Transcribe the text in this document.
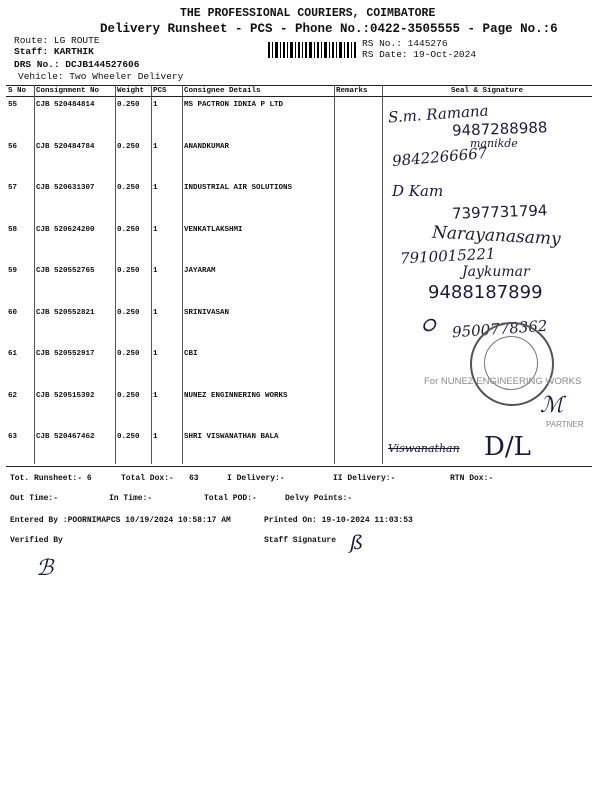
THE PROFESSIONAL COURIERS, COIMBATORE
Delivery Runsheet - PCS - Phone No.:0422-3505555 - Page No.:6
Route: LG ROUTE
Staff: KARTHIK
DRS No.: DCJB144527606
Vehicle: Two Wheeler Delivery
RS No.: 1445276
RS Date: 19-Oct-2024
S No	Consignment No	Weight	PCS	Consignee Details	Remarks	Seal & Signature
55	CJB 520484814	0.250	1	MS PACTRON IDNIA P LTD		
56	CJB 520484784	0.250	1	ANANDKUMAR		
57	CJB 520631307	0.250	1	INDUSTRIAL AIR SOLUTIONS		
58	CJB 520624200	0.250	1	VENKATLAKSHMI		
59	CJB 520552765	0.250	1	JAYARAM		
60	CJB 520552821	0.250	1	SRINIVASAN		
61	CJB 520552917	0.250	1	CBI		
62	CJB 520515392	0.250	1	NUNEZ ENGINNERING WORKS		
63	CJB 520467462	0.250	1	SHRI VISWANATHAN BALA		
S.m. Ramana
9487288988
manikde
9842266667
D Kam
7397731794
Narayanasamy
7910015221
Jaykumar
9488187899
ഠ 9500778362
For NUNEZ ENGINEERING WORKS
ℳ
PARTNER
Viswanathan D/L
Tot. Runsheet:- 6	Total Dox:- 63	I Delivery:-	II Delivery:-	RTN Dox:-
Out Time:-	In Time:-	Total POD:-	Delvy Points:-
Entered By :POORNIMAPCS 10/19/2024 10:58:17 AM	Printed On: 19-10-2024 11:03:53
Verified By	Staff Signature ß
ℬ
